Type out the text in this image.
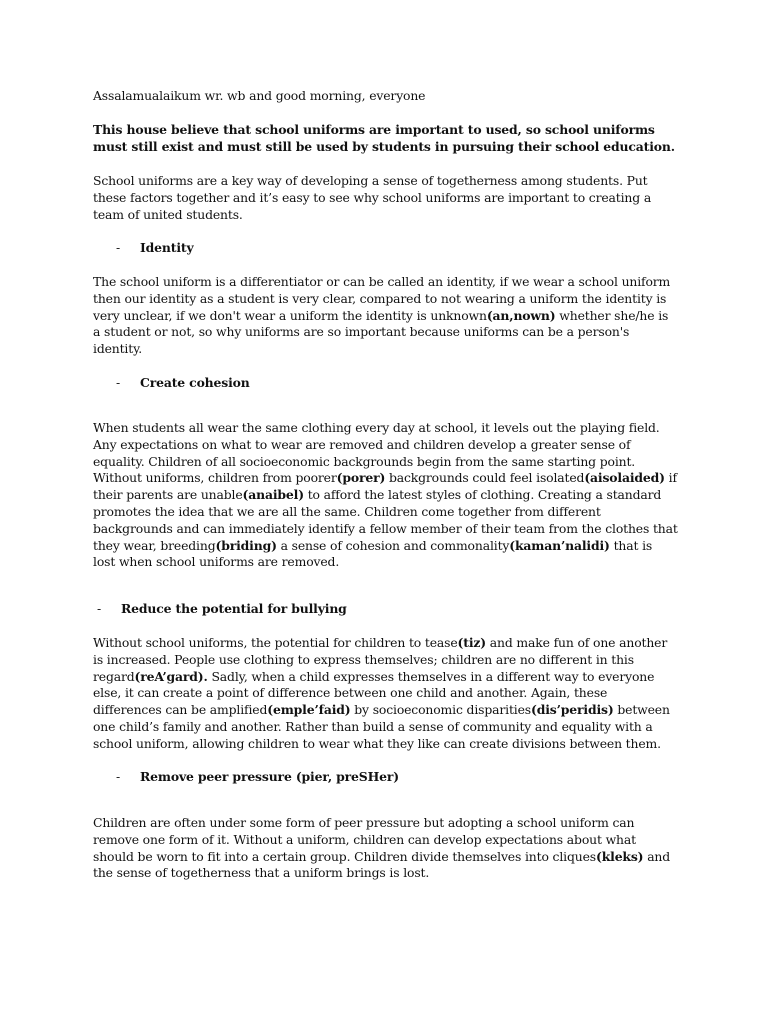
Assalamualaikum wr. wb and good morning, everyone

This house believe that school uniforms are important to used, so school uniforms must still exist and must still be used by students in pursuing their school education.

School uniforms are a key way of developing a sense of togetherness among students. Put these factors together and it’s easy to see why school uniforms are important to creating a team of united students.

- Identity

The school uniform is a differentiator or can be called an identity, if we wear a school uniform then our identity as a student is very clear, compared to not wearing a uniform the identity is very unclear, if we don't wear a uniform the identity is unknown(an,nown) whether she/he is a student or not, so why uniforms are so important because uniforms can be a person's identity.

- Create cohesion

When students all wear the same clothing every day at school, it levels out the playing field. Any expectations on what to wear are removed and children develop a greater sense of equality. Children of all socioeconomic backgrounds begin from the same starting point. Without uniforms, children from poorer(porer) backgrounds could feel isolated(aisolaided) if their parents are unable(anaibel) to afford the latest styles of clothing. Creating a standard promotes the idea that we are all the same. Children come together from different backgrounds and can immediately identify a fellow member of their team from the clothes that they wear, breeding(briding) a sense of cohesion and commonality(kaman’nalidi) that is lost when school uniforms are removed.

- Reduce the potential for bullying

Without school uniforms, the potential for children to tease(tiz) and make fun of one another is increased. People use clothing to express themselves; children are no different in this regard(reA’gard). Sadly, when a child expresses themselves in a different way to everyone else, it can create a point of difference between one child and another. Again, these differences can be amplified(emple’faid) by socioeconomic disparities(dis’peridis) between one child’s family and another. Rather than build a sense of community and equality with a school uniform, allowing children to wear what they like can create divisions between them.

- Remove peer pressure (pier, preSHer)

Children are often under some form of peer pressure but adopting a school uniform can remove one form of it. Without a uniform, children can develop expectations about what should be worn to fit into a certain group. Children divide themselves into cliques(kleks) and the sense of togetherness that a uniform brings is lost.
